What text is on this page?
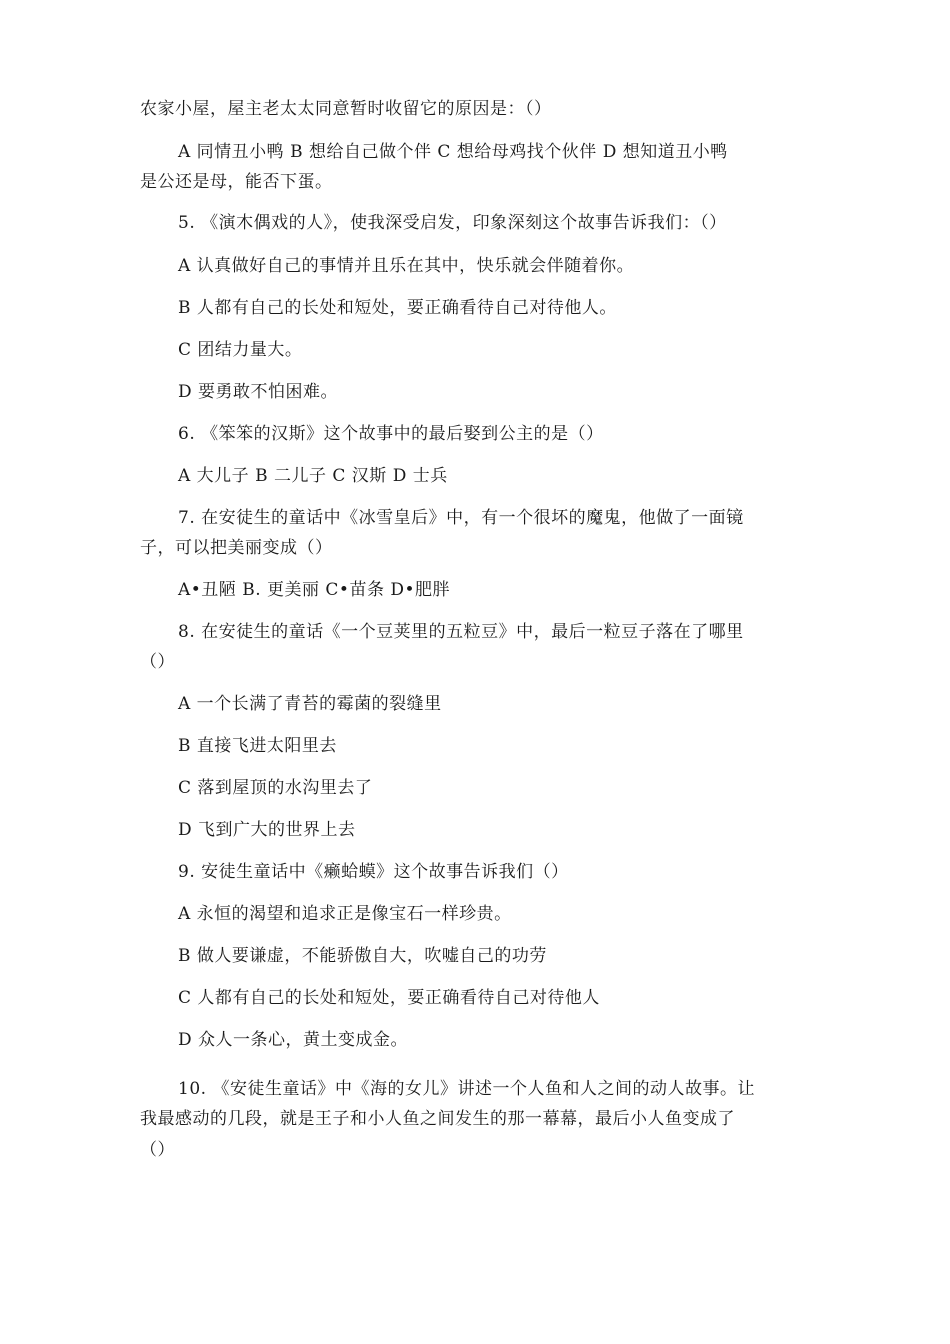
农家小屋，屋主老太太同意暂时收留它的原因是：（）
A 同情丑小鸭 B 想给自己做个伴 C 想给母鸡找个伙伴 D 想知道丑小鸭
是公还是母，能否下蛋。
5. 《演木偶戏的人》，使我深受启发，印象深刻这个故事告诉我们：（）
A 认真做好自己的事情并且乐在其中，快乐就会伴随着你。
B 人都有自己的长处和短处，要正确看待自己对待他人。
C 团结力量大。
D 要勇敢不怕困难。
6. 《笨笨的汉斯》这个故事中的最后娶到公主的是（）
A 大儿子 B 二儿子 C 汉斯 D 士兵
7. 在安徒生的童话中《冰雪皇后》中，有一个很坏的魔鬼，他做了一面镜
子，可以把美丽变成（）
A•丑陋 B. 更美丽 C•苗条 D•肥胖
8. 在安徒生的童话《一个豆荚里的五粒豆》中，最后一粒豆子落在了哪里
（）
A 一个长满了青苔的霉菌的裂缝里
B 直接飞进太阳里去
C 落到屋顶的水沟里去了
D 飞到广大的世界上去
9. 安徒生童话中《癞蛤蟆》这个故事告诉我们（）
A 永恒的渴望和追求正是像宝石一样珍贵。
B 做人要谦虚，不能骄傲自大，吹嘘自己的功劳
C 人都有自己的长处和短处，要正确看待自己对待他人
D 众人一条心，黄土变成金。
10. 《安徒生童话》中《海的女儿》讲述一个人鱼和人之间的动人故事。让
我最感动的几段，就是王子和小人鱼之间发生的那一幕幕，最后小人鱼变成了
（）
